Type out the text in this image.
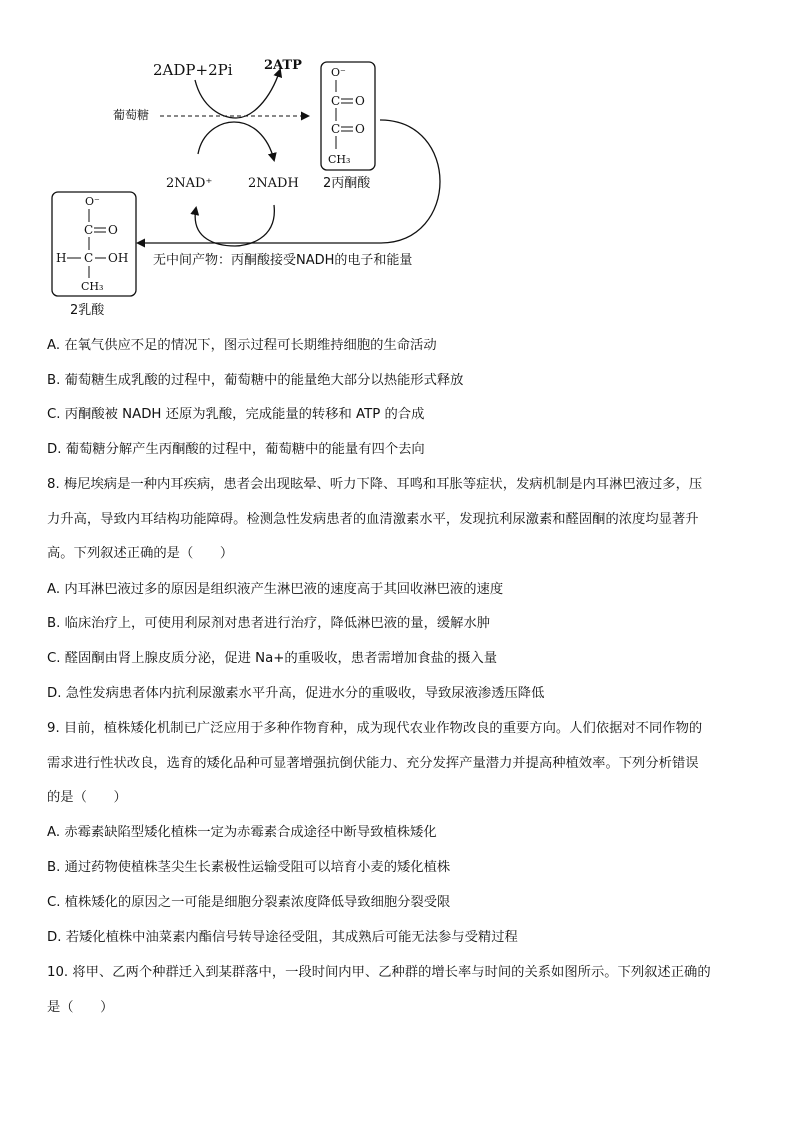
2ADP+2Pi 2ATP
葡萄糖
2NAD⁺	2NADH
O⁻
C O
C O
CH₃
2丙酮酸
无中间产物：丙酮酸接受NADH的电子和能量
O⁻
C O
H C OH
CH₃
2乳酸
A. 在氧气供应不足的情况下，图示过程可长期维持细胞的生命活动
B. 葡萄糖生成乳酸的过程中，葡萄糖中的能量绝大部分以热能形式释放
C. 丙酮酸被 NADH 还原为乳酸，完成能量的转移和 ATP 的合成
D. 葡萄糖分解产生丙酮酸的过程中，葡萄糖中的能量有四个去向
8. 梅尼埃病是一种内耳疾病，患者会出现眩晕、听力下降、耳鸣和耳胀等症状，发病机制是内耳淋巴液过多，压
力升高，导致内耳结构功能障碍。检测急性发病患者的血清激素水平，发现抗利尿激素和醛固酮的浓度均显著升
高。下列叙述正确的是（　　）
A. 内耳淋巴液过多的原因是组织液产生淋巴液的速度高于其回收淋巴液的速度
B. 临床治疗上，可使用利尿剂对患者进行治疗，降低淋巴液的量，缓解水肿
C. 醛固酮由肾上腺皮质分泌，促进 Na+的重吸收，患者需增加食盐的摄入量
D. 急性发病患者体内抗利尿激素水平升高，促进水分的重吸收，导致尿液渗透压降低
9. 目前，植株矮化机制已广泛应用于多种作物育种，成为现代农业作物改良的重要方向。人们依据对不同作物的
需求进行性状改良，选育的矮化品种可显著增强抗倒伏能力、充分发挥产量潜力并提高种植效率。下列分析错误
的是（　　）
A. 赤霉素缺陷型矮化植株一定为赤霉素合成途径中断导致植株矮化
B. 通过药物使植株茎尖生长素极性运输受阻可以培育小麦的矮化植株
C. 植株矮化的原因之一可能是细胞分裂素浓度降低导致细胞分裂受限
D. 若矮化植株中油菜素内酯信号转导途径受阻，其成熟后可能无法参与受精过程
10. 将甲、乙两个种群迁入到某群落中，一段时间内甲、乙种群的增长率与时间的关系如图所示。下列叙述正确的
是（　　）
